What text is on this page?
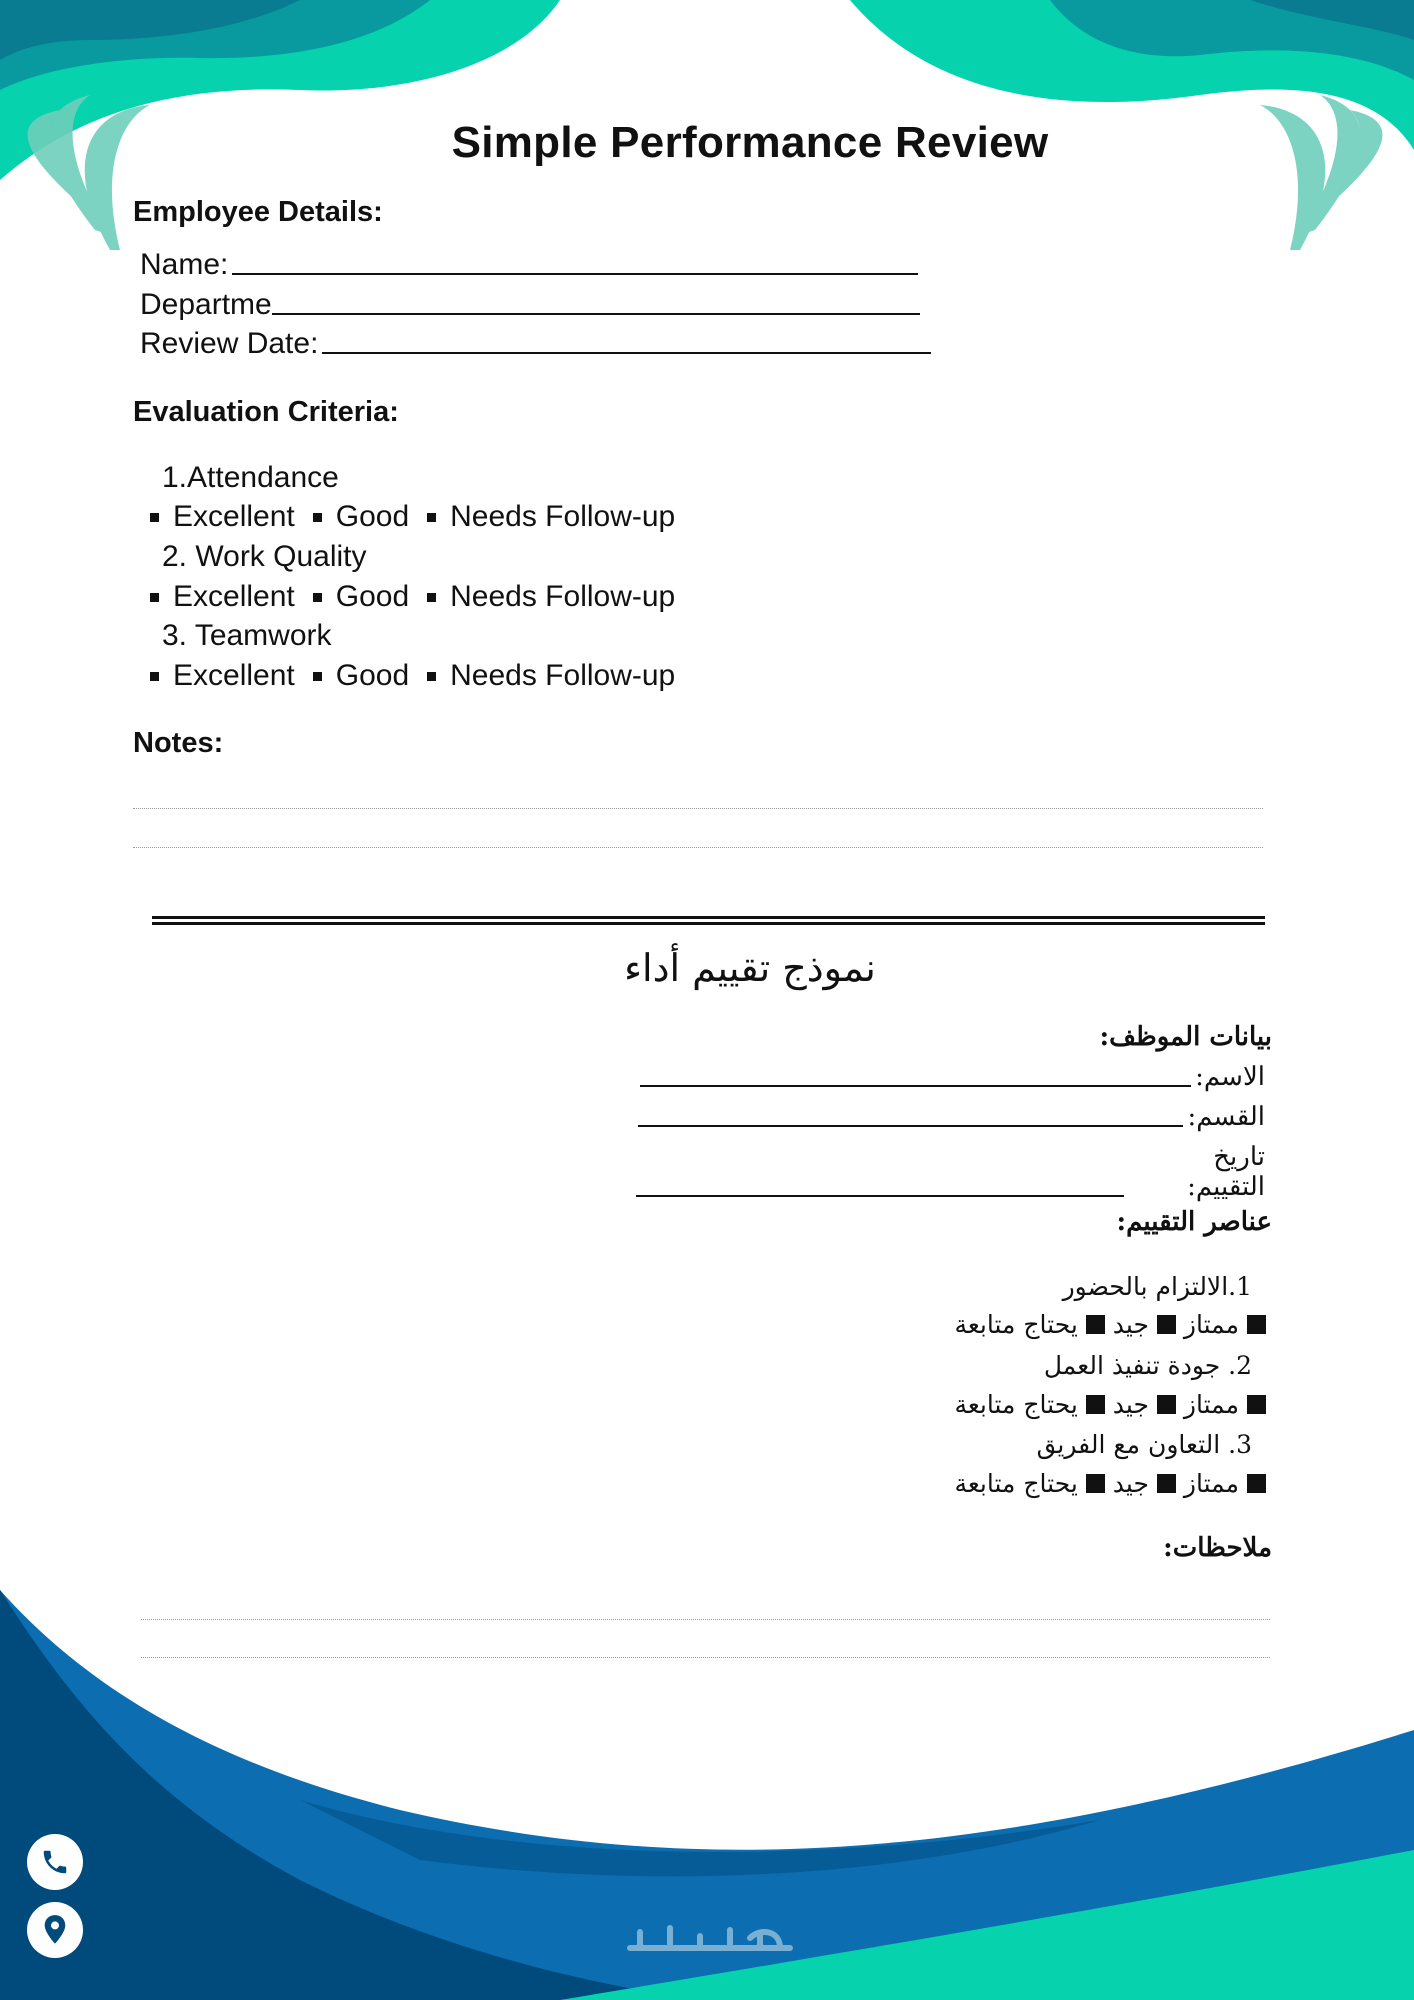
Simple Performance Review
Employee Details:
Name:
Departme
Review Date:
Evaluation Criteria:
1.Attendance
Excellent Good Needs Follow-up
2. Work Quality
Excellent Good Needs Follow-up
3. Teamwork
Excellent Good Needs Follow-up
Notes:
نموذج تقييم أداء
بيانات الموظف:
الاسم:
القسم:
تاريخ التقييم:
عناصر التقييم:
1.الالتزام بالحضور
ممتاز
جيد
يحتاج متابعة
2. جودة تنفيذ العمل
ممتاز
جيد
يحتاج متابعة
3. التعاون مع الفريق
ممتاز
جيد
يحتاج متابعة
ملاحظات:
